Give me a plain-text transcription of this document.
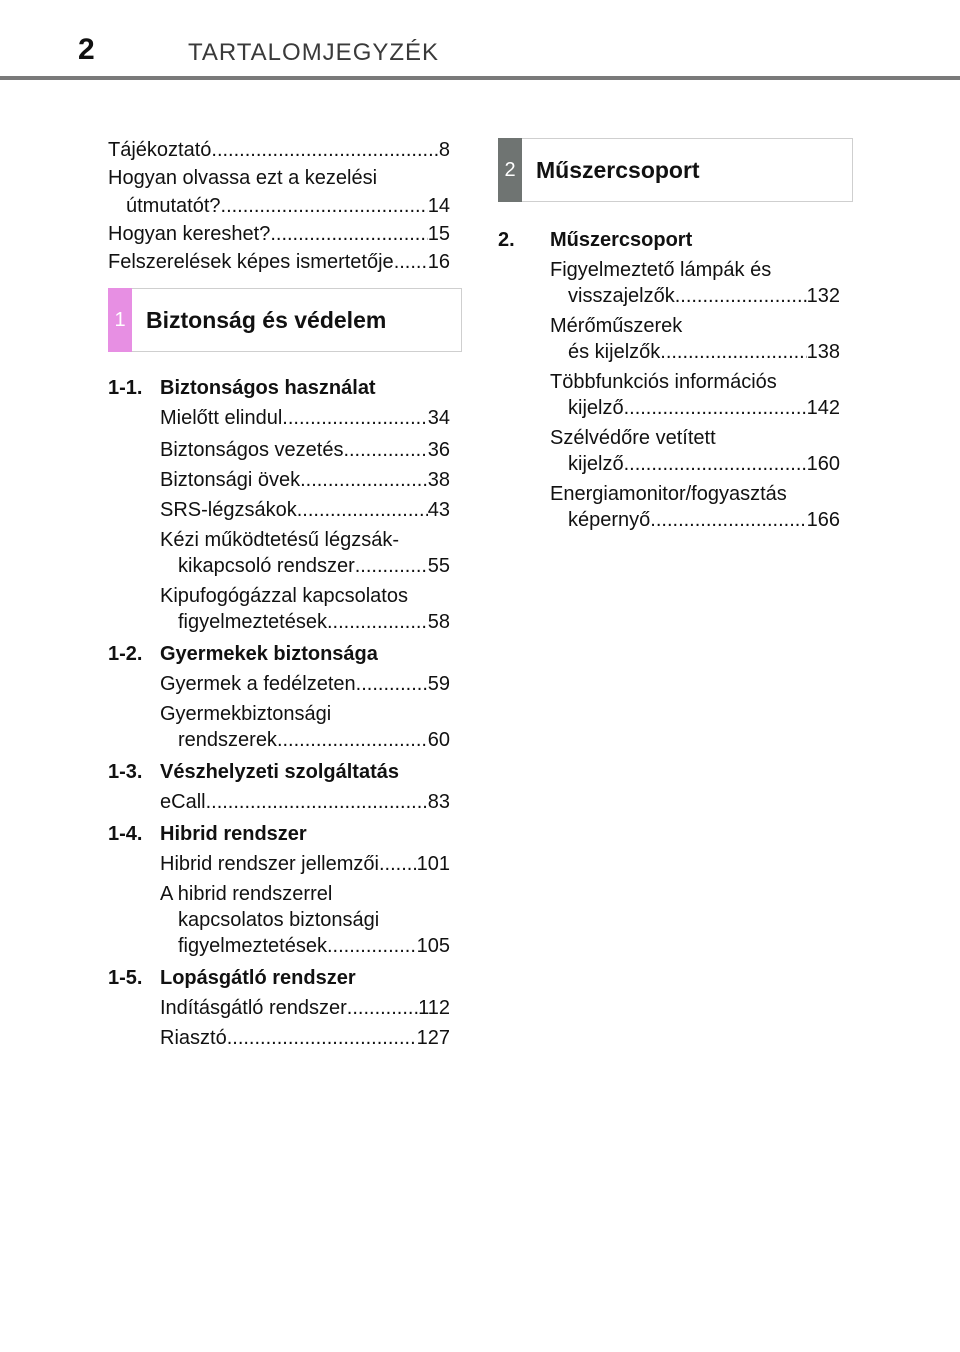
2	TARTALOMJEGYZÉK
Tájékoztató .....	8
Hogyan olvassa ezt a kezelési
útmutatót? .....	14
Hogyan kereshet? .....	15
Felszerelések képes ismertetője ..... 16
1 Biztonság és védelem
1-1. Biztonságos használat
Mielőtt elindul .....	34
Biztonságos vezetés .....	36
Biztonsági övek .....	38
SRS-légzsákok .....	43
Kézi működtetésű légzsák-
kikapcsoló rendszer .....	55
Kipufogógázzal kapcsolatos
figyelmeztetések .....	58
1-2. Gyermekek biztonsága
Gyermek a fedélzeten .....	59
Gyermekbiztonsági
rendszerek .....	60
1-3. Vészhelyzeti szolgáltatás
eCall .....	83
1-4. Hibrid rendszer
Hibrid rendszer jellemzői ..... 101
A hibrid rendszerrel
kapcsolatos biztonsági
figyelmeztetések .....	105
1-5. Lopásgátló rendszer
Indításgátló rendszer .....	112
Riasztó .....	127
2 Műszercsoport
2. Műszercsoport
Figyelmeztető lámpák és
visszajelzők .....	132
Mérőműszerek
és kijelzők .....	138
Többfunkciós információs
kijelző .....	142
Szélvédőre vetített
kijelző .....	160
Energiamonitor/fogyasztás
képernyő .....	166
